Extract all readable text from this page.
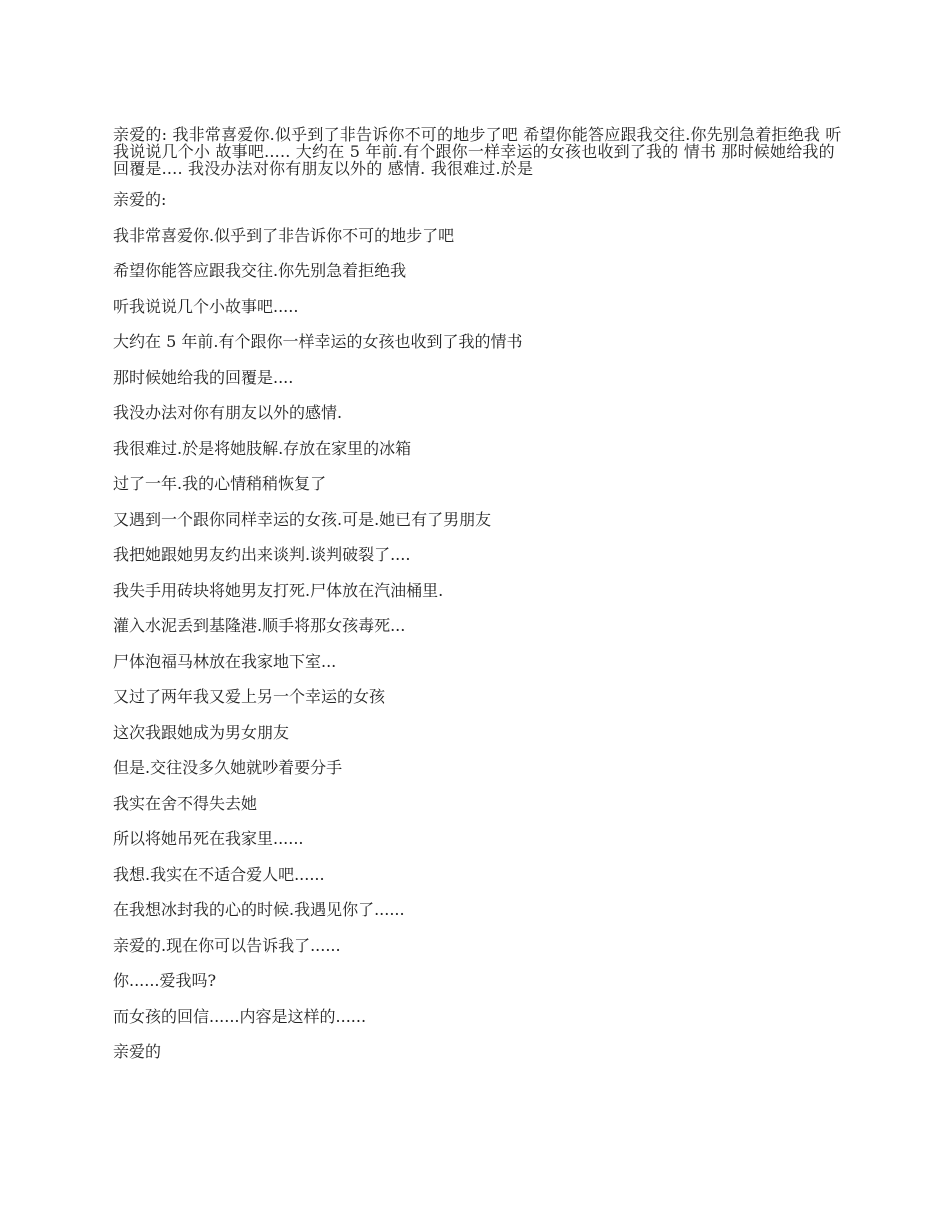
亲爱的: 我非常喜爱你.似乎到了非告诉你不可的地步了吧 希望你能答应跟我交往.你先别急着拒绝我 听我说说几个小 故事吧..... 大约在 5 年前.有个跟你一样幸运的女孩也收到了我的 情书 那时候她给我的回覆是.... 我没办法对你有朋友以外的 感情. 我很难过.於是

亲爱的:

我非常喜爱你.似乎到了非告诉你不可的地步了吧

希望你能答应跟我交往.你先别急着拒绝我

听我说说几个小故事吧.....

大约在 5 年前.有个跟你一样幸运的女孩也收到了我的情书

那时候她给我的回覆是....

我没办法对你有朋友以外的感情.

我很难过.於是将她肢解.存放在家里的冰箱

过了一年.我的心情稍稍恢复了

又遇到一个跟你同样幸运的女孩.可是.她已有了男朋友

我把她跟她男友约出来谈判.谈判破裂了....

我失手用砖块将她男友打死.尸体放在汽油桶里.

灌入水泥丢到基隆港.顺手将那女孩毒死...

尸体泡福马林放在我家地下室...

又过了两年我又爱上另一个幸运的女孩

这次我跟她成为男女朋友

但是.交往没多久她就吵着要分手

我实在舍不得失去她

所以将她吊死在我家里......

我想.我实在不适合爱人吧......

在我想冰封我的心的时候.我遇见你了......

亲爱的.现在你可以告诉我了......

你......爱我吗?

而女孩的回信......内容是这样的......

亲爱的
